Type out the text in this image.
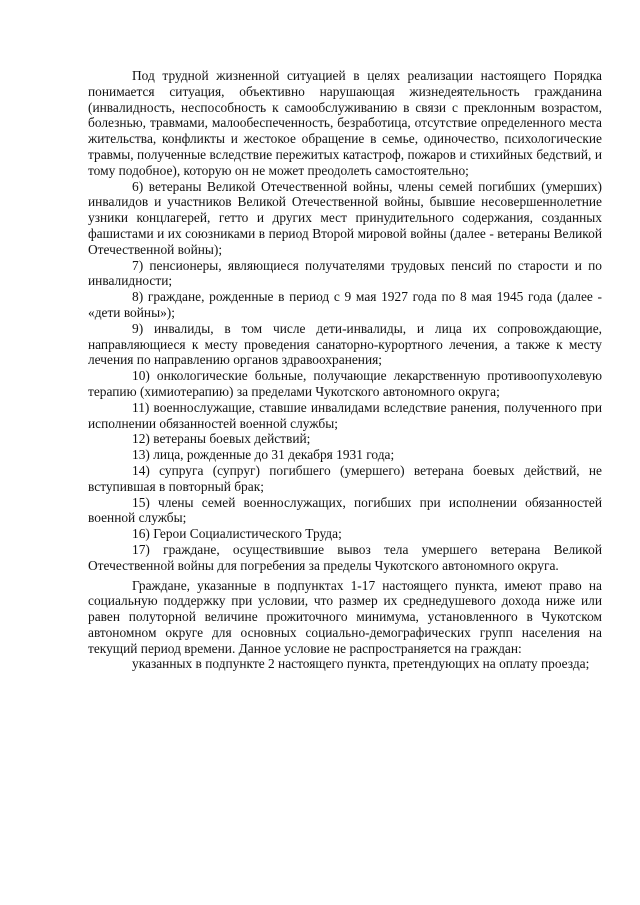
Под трудной жизненной ситуацией в целях реализации настоящего Порядка понимается ситуация, объективно нарушающая жизнедеятельность гражданина (инвалидность, неспособность к самообслуживанию в связи с преклонным возрастом, болезнью, травмами, малообеспеченность, безработица, отсутствие определенного места жительства, конфликты и жестокое обращение в семье, одиночество, психологические травмы, полученные вследствие пережитых катастроф, пожаров и стихийных бедствий, и тому подобное), которую он не может преодолеть самостоятельно;

6) ветераны Великой Отечественной войны, члены семей погибших (умерших) инвалидов и участников Великой Отечественной войны, бывшие несовершеннолетние узники концлагерей, гетто и других мест принудительного содержания, созданных фашистами и их союзниками в период Второй мировой войны (далее - ветераны Великой Отечественной войны);

7) пенсионеры, являющиеся получателями трудовых пенсий по старости и по инвалидности;

8) граждане, рожденные в период с 9 мая 1927 года по 8 мая 1945 года (далее - «дети войны»);

9) инвалиды, в том числе дети-инвалиды, и лица их сопровождающие, направляющиеся к месту проведения санаторно-курортного лечения, а также к месту лечения по направлению органов здравоохранения;

10) онкологические больные, получающие лекарственную противоопухолевую терапию (химиотерапию) за пределами Чукотского автономного округа;

11) военнослужащие, ставшие инвалидами вследствие ранения, полученного при исполнении обязанностей военной службы;

12) ветераны боевых действий;

13) лица, рожденные до 31 декабря 1931 года;

14) супруга (супруг) погибшего (умершего) ветерана боевых действий, не вступившая в повторный брак;

15) члены семей военнослужащих, погибших при исполнении обязанностей военной службы;

16) Герои Социалистического Труда;

17) граждане, осуществившие вывоз тела умершего ветерана Великой Отечественной войны для погребения за пределы Чукотского автономного округа.

Граждане, указанные в подпунктах 1-17 настоящего пункта, имеют право на социальную поддержку при условии, что размер их среднедушевого дохода ниже или равен полуторной величине прожиточного минимума, установленного в Чукотском автономном округе для основных социально-демографических групп населения на текущий период времени. Данное условие не распространяется на граждан:

указанных в подпункте 2 настоящего пункта, претендующих на оплату проезда;
